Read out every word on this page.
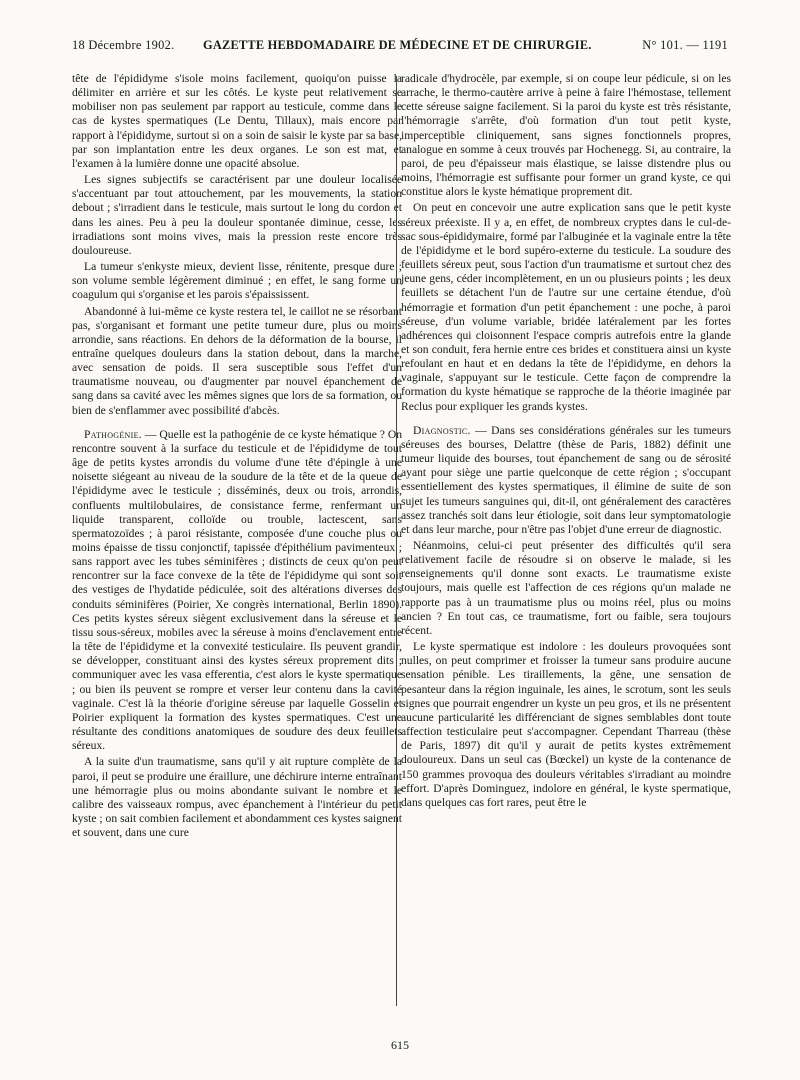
18 Décembre 1902. GAZETTE HEBDOMADAIRE DE MÉDECINE ET DE CHIRURGIE.	N° 101. — 1191

tête de l'épididyme s'isole moins facilement, quoiqu'on puisse la délimiter en arrière et sur les côtés. Le kyste peut relativement se mobiliser non pas seulement par rapport au testicule, comme dans le cas de kystes spermatiques (Le Dentu, Tillaux), mais encore par rapport à l'épididyme, surtout si on a soin de saisir le kyste par sa base, par son implantation entre les deux organes. Le son est mat, et l'examen à la lumière donne une opacité absolue.

Les signes subjectifs se caractérisent par une douleur localisée s'accentuant par tout attouchement, par les mouvements, la station debout ; s'irradient dans le testicule, mais surtout le long du cordon et dans les aines. Peu à peu la douleur spontanée diminue, cesse, les irradiations sont moins vives, mais la pression reste encore très douloureuse.

La tumeur s'enkyste mieux, devient lisse, rénitente, presque dure ; son volume semble légèrement diminué ; en effet, le sang forme un coagulum qui s'organise et les parois s'épaississent.

Abandonné à lui-même ce kyste restera tel, le caillot ne se résorbant pas, s'organisant et formant une petite tumeur dure, plus ou moins arrondie, sans réactions. En dehors de la déformation de la bourse, il entraîne quelques douleurs dans la station debout, dans la marche, avec sensation de poids. Il sera susceptible sous l'effet d'un traumatisme nouveau, ou d'augmenter par nouvel épanchement de sang dans sa cavité avec les mêmes signes que lors de sa formation, ou bien de s'enflammer avec possibilité d'abcès.

Pathogénie. — Quelle est la pathogénie de ce kyste hématique ? On rencontre souvent à la surface du testicule et de l'épididyme de tout âge de petits kystes arrondis du volume d'une tête d'épingle à une noisette siégeant au niveau de la soudure de la tête et de la queue de l'épididyme avec le testicule ; disséminés, deux ou trois, arrondis, confluents multilobulaires, de consistance ferme, renfermant un liquide transparent, colloïde ou trouble, lactescent, sans spermatozoïdes ; à paroi résistante, composée d'une couche plus ou moins épaisse de tissu conjonctif, tapissée d'épithélium pavimenteux ; sans rapport avec les tubes séminifères ; distincts de ceux qu'on peut rencontrer sur la face convexe de la tête de l'épididyme qui sont soit des vestiges de l'hydatide pédiculée, soit des altérations diverses des conduits séminifères (Poirier, Xe congrès international, Berlin 1890). Ces petits kystes séreux siègent exclusivement dans la séreuse et le tissu sous-séreux, mobiles avec la séreuse à moins d'enclavement entre la tête de l'épididyme et la convexité testiculaire. Ils peuvent grandir, se développer, constituant ainsi des kystes séreux proprement dits ; communiquer avec les vasa efferentia, c'est alors le kyste spermatique ; ou bien ils peuvent se rompre et verser leur contenu dans la cavité vaginale. C'est là la théorie d'origine séreuse par laquelle Gosselin et Poirier expliquent la formation des kystes spermatiques. C'est une résultante des conditions anatomiques de soudure des deux feuillets séreux.

A la suite d'un traumatisme, sans qu'il y ait rupture complète de la paroi, il peut se produire une éraillure, une déchirure interne entraînant une hémorragie plus ou moins abondante suivant le nombre et le calibre des vaisseaux rompus, avec épanchement à l'intérieur du petit kyste ; on sait combien facilement et abondamment ces kystes saignent et souvent, dans une cure

radicale d'hydrocèle, par exemple, si on coupe leur pédicule, si on les arrache, le thermo-cautère arrive à peine à faire l'hémostase, tellement cette séreuse saigne facilement. Si la paroi du kyste est très résistante, l'hémorragie s'arrête, d'où formation d'un tout petit kyste, imperceptible cliniquement, sans signes fonctionnels propres, analogue en somme à ceux trouvés par Hochenegg. Si, au contraire, la paroi, de peu d'épaisseur mais élastique, se laisse distendre plus ou moins, l'hémorragie est suffisante pour former un grand kyste, ce qui constitue alors le kyste hématique proprement dit.

On peut en concevoir une autre explication sans que le petit kyste séreux préexiste. Il y a, en effet, de nombreux cryptes dans le cul-de-sac sous-épididymaire, formé par l'albuginée et la vaginale entre la tête de l'épididyme et le bord supéro-externe du testicule. La soudure des feuillets séreux peut, sous l'action d'un traumatisme et surtout chez des jeune gens, céder incomplètement, en un ou plusieurs points ; les deux feuillets se détachent l'un de l'autre sur une certaine étendue, d'où hémorragie et formation d'un petit épanchement : une poche, à paroi séreuse, d'un volume variable, bridée latéralement par les fortes adhérences qui cloisonnent l'espace compris autrefois entre la glande et son conduit, fera hernie entre ces brides et constituera ainsi un kyste refoulant en haut et en dedans la tête de l'épididyme, en dehors la vaginale, s'appuyant sur le testicule. Cette façon de comprendre la formation du kyste hématique se rapproche de la théorie imaginée par Reclus pour expliquer les grands kystes.

Diagnostic. — Dans ses considérations générales sur les tumeurs séreuses des bourses, Delattre (thèse de Paris, 1882) définit une tumeur liquide des bourses, tout épanchement de sang ou de sérosité ayant pour siège une partie quelconque de cette région ; s'occupant essentiellement des kystes spermatiques, il élimine de suite de son sujet les tumeurs sanguines qui, dit-il, ont généralement des caractères assez tranchés soit dans leur étiologie, soit dans leur symptomatologie et dans leur marche, pour n'être pas l'objet d'une erreur de diagnostic.

Néanmoins, celui-ci peut présenter des difficultés qu'il sera relativement facile de résoudre si on observe le malade, si les renseignements qu'il donne sont exacts. Le traumatisme existe toujours, mais quelle est l'affection de ces régions qu'un malade ne rapporte pas à un traumatisme plus ou moins réel, plus ou moins ancien ? En tout cas, ce traumatisme, fort ou faible, sera toujours récent.

Le kyste spermatique est indolore : les douleurs provoquées sont nulles, on peut comprimer et froisser la tumeur sans produire aucune sensation pénible. Les tiraillements, la gêne, une sensation de pesanteur dans la région inguinale, les aines, le scrotum, sont les seuls signes que pourrait engendrer un kyste un peu gros, et ils ne présentent aucune particularité les différenciant de signes semblables dont toute affection testiculaire peut s'accompagner. Cependant Tharreau (thèse de Paris, 1897) dit qu'il y aurait de petits kystes extrêmement douloureux. Dans un seul cas (Bœckel) un kyste de la contenance de 150 grammes provoqua des douleurs véritables s'irradiant au moindre effort. D'après Dominguez, indolore en général, le kyste spermatique, dans quelques cas fort rares, peut être le

615
